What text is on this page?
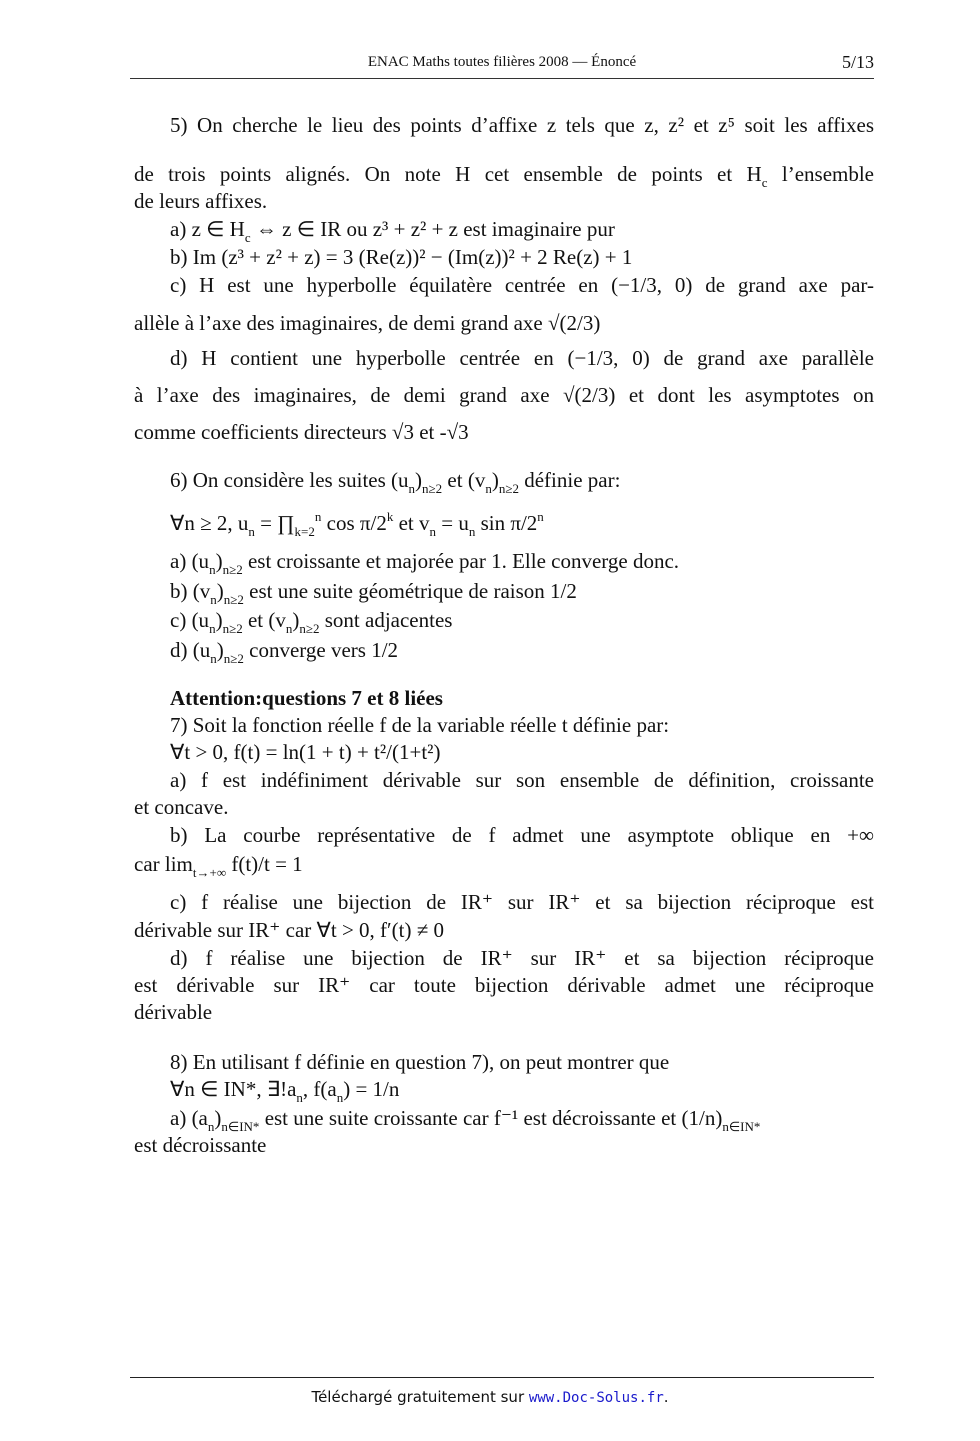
ENAC Maths toutes filières 2008 — Énoncé	5/13
5) On cherche le lieu des points d’affixe z tels que z, z² et z⁵ soit les affixes
de trois points alignés. On note H cet ensemble de points et $H_c$ l’ensemble
de leurs affixes.
a) z ∈ $H_c$ ⇔ z ∈ IR ou z³ + z² + z est imaginaire pur
b) Im (z³ + z² + z) = 3 (Re(z))² − (Im(z))² + 2 Re(z) + 1
c) H est une hyperbolle équilatère centrée en (−1/3, 0) de grand axe par-
allèle à l’axe des imaginaires, de demi grand axe √(2/3)
d) H contient une hyperbolle centrée en (−1/3, 0) de grand axe parallèle
à l’axe des imaginaires, de demi grand axe √(2/3) et dont les asymptotes on
comme coefficients directeurs √3 et -√3
6) On considère les suites $(u_n)_{n\ge 2}$ et $(v_n)_{n\ge 2}$ définie par:
∀n ≥ 2, $u_n$ = $\prod_{k=2}^n$ cos π/2$^k$ et $v_n = u_n$ sin π/2$^n$
a) $(u_n)_{n\ge 2}$ est croissante et majorée par 1. Elle converge donc.
b) $(v_n)_{n\ge 2}$ est une suite géométrique de raison 1/2
c) $(u_n)_{n\ge 2}$ et $(v_n)_{n\ge 2}$ sont adjacentes
d) $(u_n)_{n\ge 2}$ converge vers 1/2
Attention:questions 7 et 8 liées
7) Soit la fonction réelle f de la variable réelle t définie par:
∀t > 0, f(t) = ln(1 + t) + t²/(1+t²)
a) f est indéfiniment dérivable sur son ensemble de définition, croissante
et concave.
b) La courbe représentative de f admet une asymptote oblique en +∞
car $\lim_{t\to+\infty} f(t)/t = 1$
c) f réalise une bijection de IR⁺ sur IR⁺ et sa bijection réciproque est
dérivable sur IR⁺ car ∀t > 0, f′(t) ≠ 0
d) f réalise une bijection de IR⁺ sur IR⁺ et sa bijection réciproque
est dérivable sur IR⁺ car toute bijection dérivable admet une réciproque
dérivable
8) En utilisant f définie en question 7), on peut montrer que
∀n ∈ IN*, $\exists!a_n$, $f(a_n) = 1/n$
a) $(a_n)_{n\in IN*}$ est une suite croissante car f⁻¹ est décroissante et $(1/n)_{n\in IN*}$
est décroissante
Téléchargé gratuitement sur www.Doc-Solus.fr.
